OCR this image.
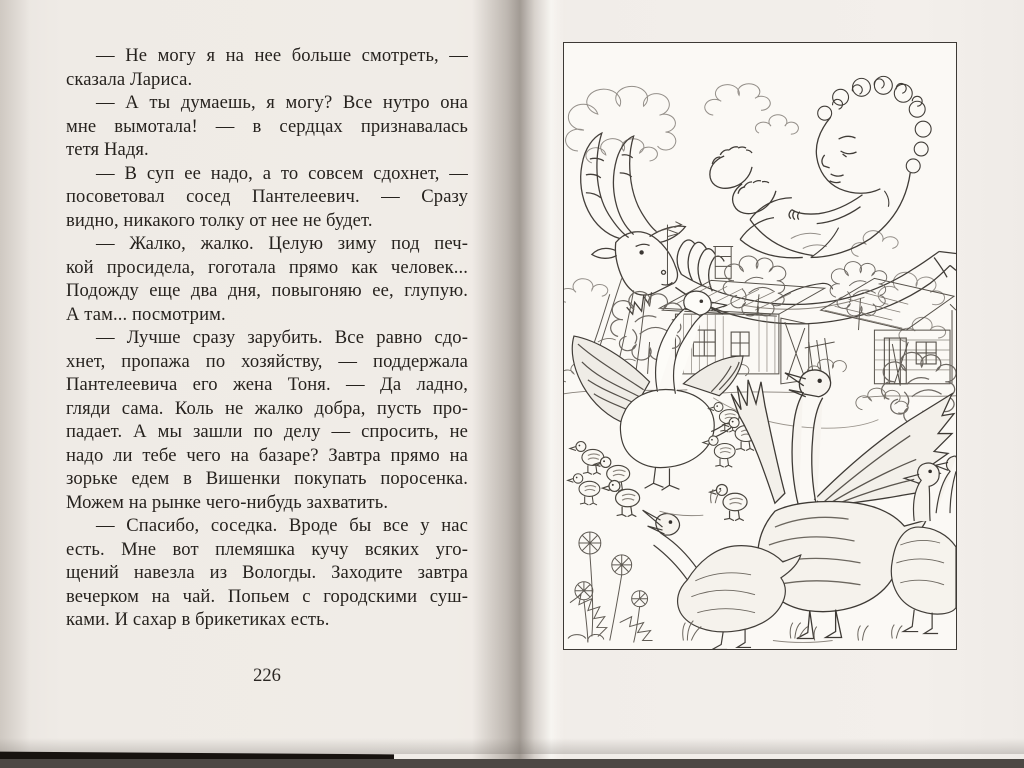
— Не могу я на нее больше смотреть, —
сказала Лариса.
— А ты думаешь, я могу? Все нутро она
мне вымотала! — в сердцах признавалась
тетя Надя.
— В суп ее надо, а то совсем сдохнет, —
посоветовал сосед Пантелеевич. — Сразу
видно, никакого толку от нее не будет.
— Жалко, жалко. Целую зиму под печ-
кой просидела, гоготала прямо как человек...
Подожду еще два дня, повыгоняю ее, глупую.
А там... посмотрим.
— Лучше сразу зарубить. Все равно сдо-
хнет, пропажа по хозяйству, — поддержала
Пантелеевича его жена Тоня. — Да ладно,
гляди сама. Коль не жалко добра, пусть про-
падает. А мы зашли по делу — спросить, не
надо ли тебе чего на базаре? Завтра прямо на
зорьке едем в Вишенки покупать поросенка.
Можем на рынке чего-нибудь захватить.
— Спасибо, соседка. Вроде бы все у нас
есть. Мне вот племяшка кучу всяких уго-
щений навезла из Вологды. Заходите завтра
вечерком на чай. Попьем с городскими суш-
ками. И сахар в брикетиках есть.
226
